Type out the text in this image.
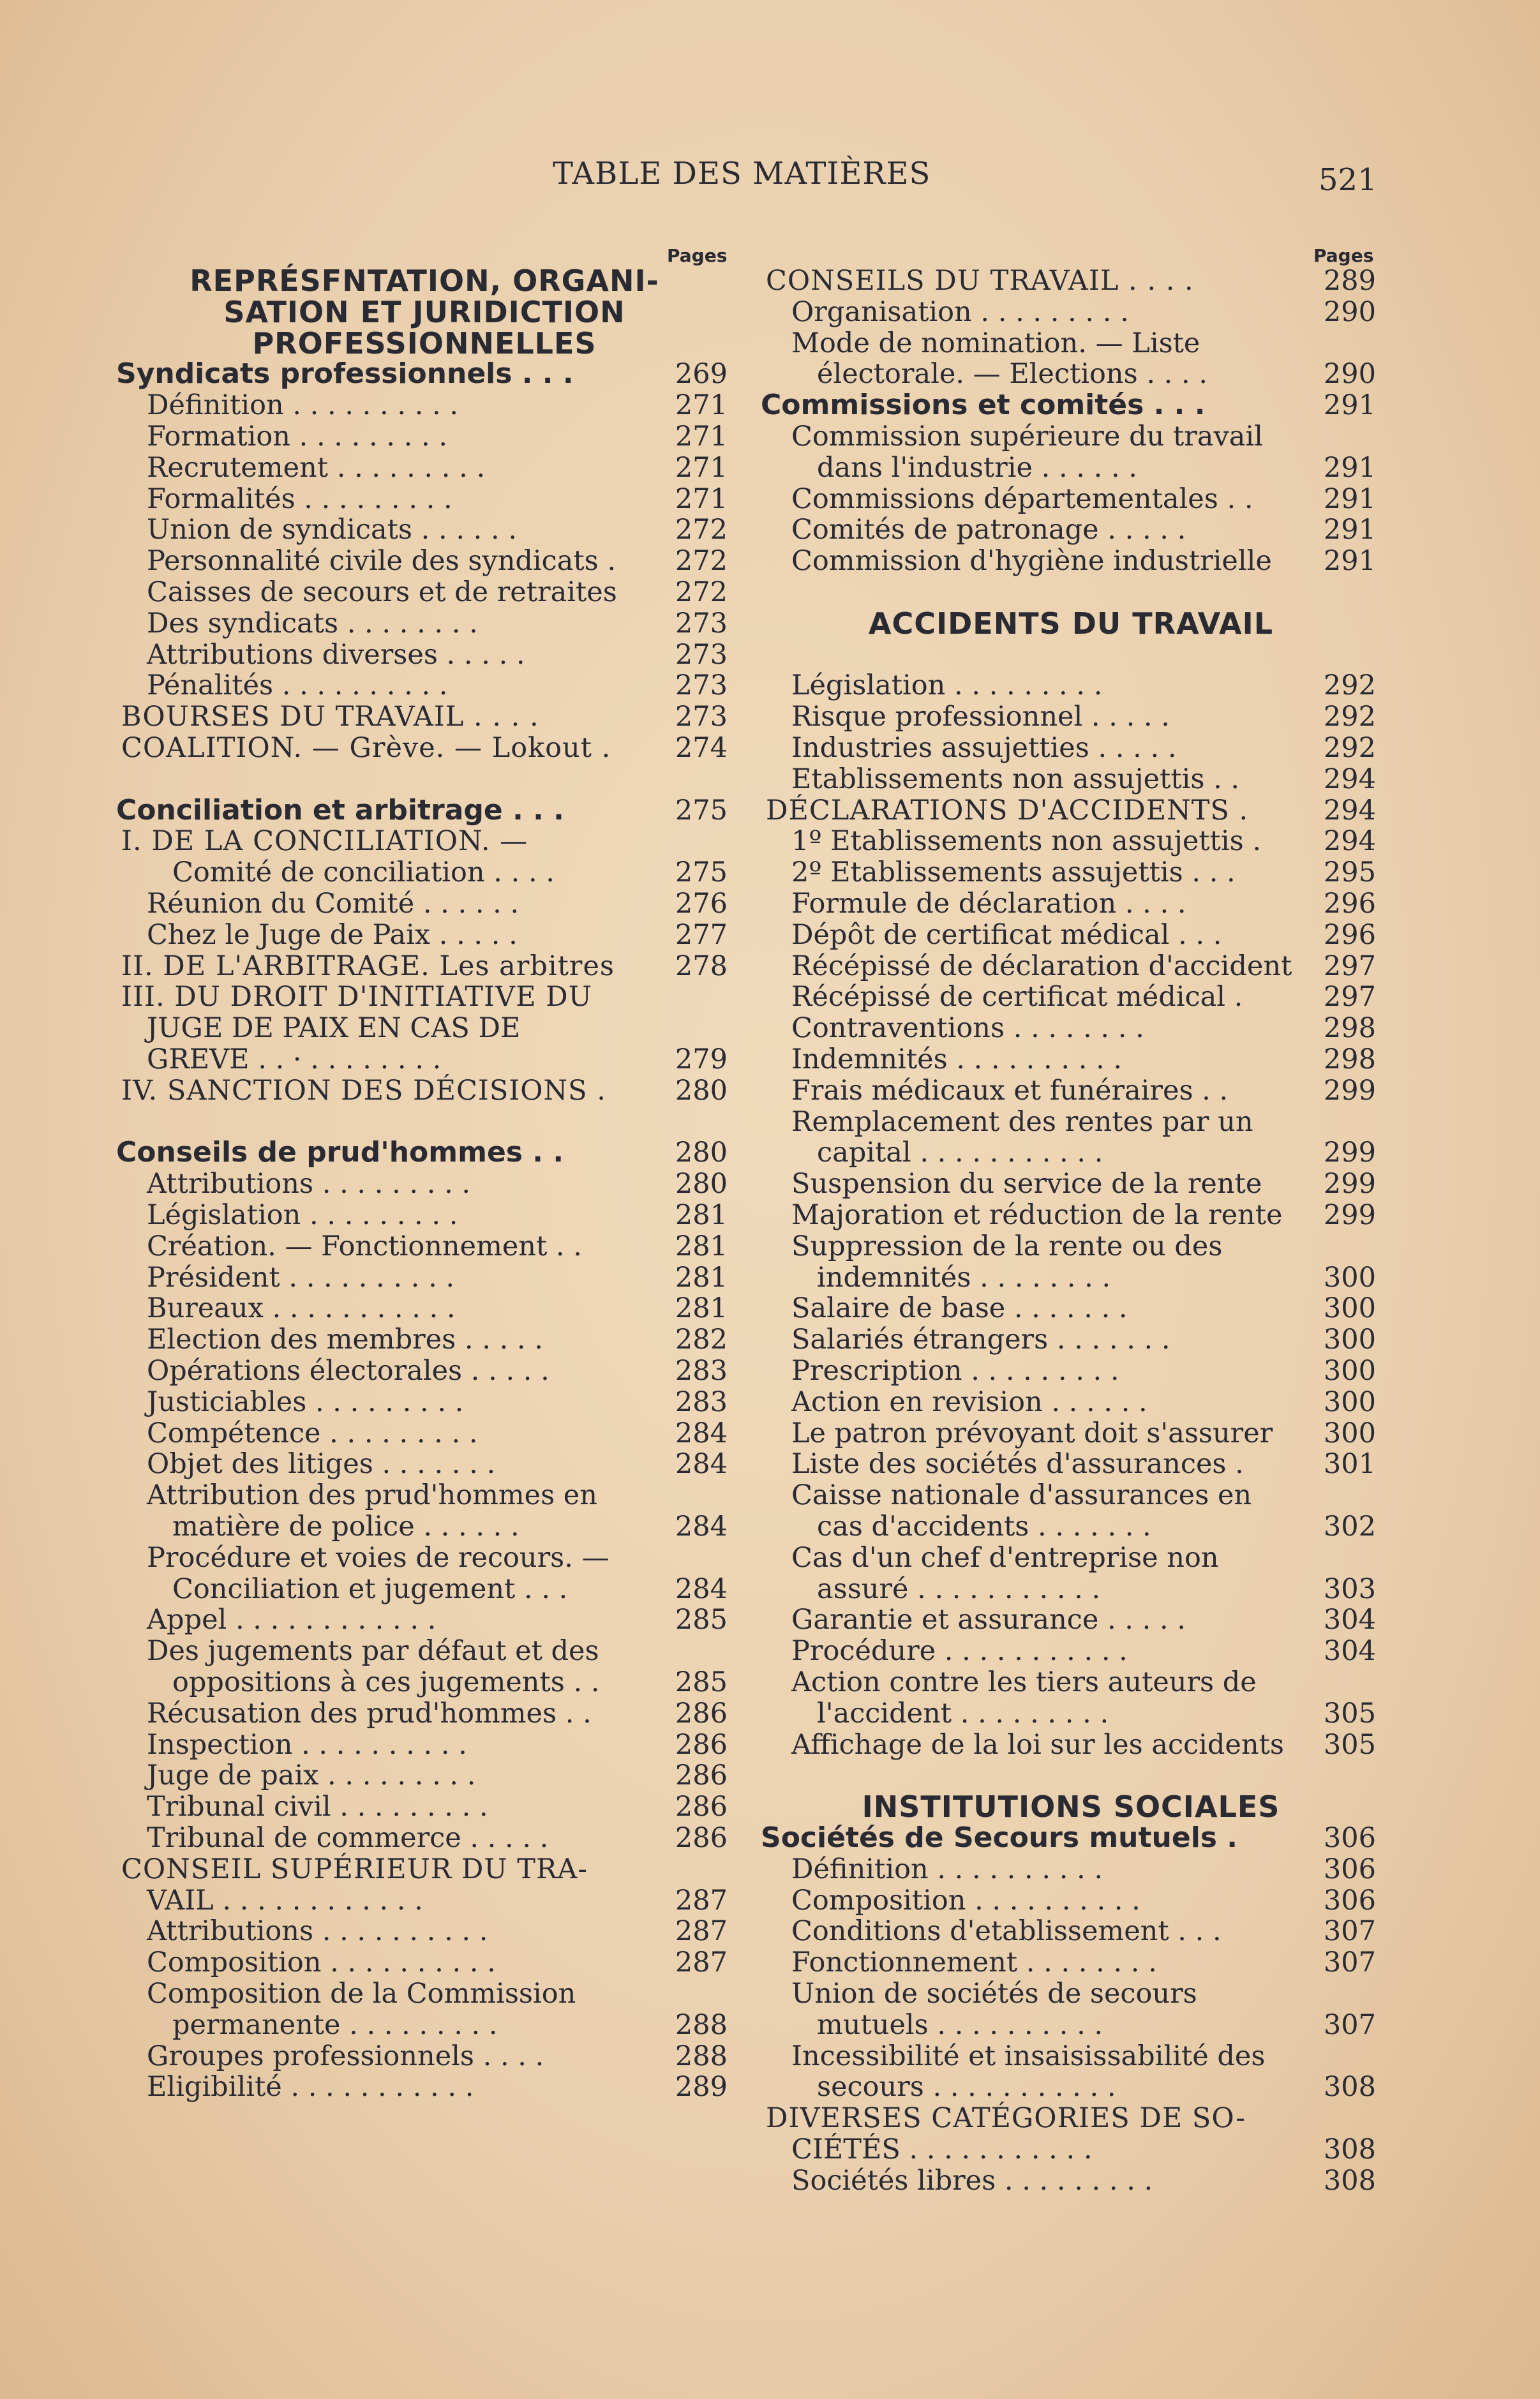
TABLE DES MATIÈRES	521
Pages	Pages
REPRÉSFNTATION, ORGANI-
SATION ET JURIDICTION
PROFESSIONNELLES
Syndicats professionnels . . .	269
Définition . . . . . . . . . .	271
Formation . . . . . . . . .	271
Recrutement . . . . . . . . .	271
Formalités . . . . . . . . .	271
Union de syndicats . . . . . .	272
Personnalité civile des syndicats . 272
Caisses de secours et de retraites 272
Des syndicats . . . . . . . .	273
Attributions diverses . . . . .	273
Pénalités . . . . . . . . . .	273
BOURSES DU TRAVAIL . . . .	273
COALITION. — Grève. — Lokout . 274
Conciliation et arbitrage . . .	275
I. DE LA CONCILIATION. —
Comité de conciliation . . . .	275
Réunion du Comité . . . . . .	276
Chez le Juge de Paix . . . . .	277
II. DE L'ARBITRAGE. Les arbitres 278
III. DU DROIT D'INITIATIVE DU
JUGE DE PAIX EN CAS DE
GREVE . . · . . . . . . . .	279
IV. SANCTION DES DÉCISIONS .	280
Conseils de prud'hommes . .	280
Attributions . . . . . . . . .	280
Législation . . . . . . . . .	281
Création. — Fonctionnement . .	281
Président . . . . . . . . . .	281
Bureaux . . . . . . . . . . .	281
Election des membres . . . . .	282
Opérations électorales . . . . .	283
Justiciables . . . . . . . . .	283
Compétence . . . . . . . . .	284
Objet des litiges . . . . . . .	284
Attribution des prud'hommes en
matière de police . . . . . .	284
Procédure et voies de recours. —
Conciliation et jugement . . .	284
Appel . . . . . . . . . . . .	285
Des jugements par défaut et des
oppositions à ces jugements . .	285
Récusation des prud'hommes . .	286
Inspection . . . . . . . . . .	286
Juge de paix . . . . . . . . .	286
Tribunal civil . . . . . . . . .	286
Tribunal de commerce . . . . .	286
CONSEIL SUPÉRIEUR DU TRA-
VAIL . . . . . . . . . . . .	287
Attributions . . . . . . . . . .	287
Composition . . . . . . . . . .	287
Composition de la Commission
permanente . . . . . . . . .	288
Groupes professionnels . . . .	288
Eligibilité . . . . . . . . . . .	289
CONSEILS DU TRAVAIL . . . .	289
Organisation . . . . . . . . .	290
Mode de nomination. — Liste
électorale. — Elections . . . .	290
Commissions et comités . . .	291
Commission supérieure du travail
dans l'industrie . . . . . .	291
Commissions départementales . .	291
Comités de patronage . . . . .	291
Commission d'hygiène industrielle 291
ACCIDENTS DU TRAVAIL
Législation . . . . . . . . .	292
Risque professionnel . . . . .	292
Industries assujetties . . . . .	292
Etablissements non assujettis . .	294
DÉCLARATIONS D'ACCIDENTS .	294
1º Etablissements non assujettis . 294
2º Etablissements assujettis . . .	295
Formule de déclaration . . . .	296
Dépôt de certificat médical . . .	296
Récépissé de déclaration d'accident 297
Récépissé de certificat médical .	297
Contraventions . . . . . . . .	298
Indemnités . . . . . . . . . .	298
Frais médicaux et funéraires . .	299
Remplacement des rentes par un
capital . . . . . . . . . . .	299
Suspension du service de la rente 299
Majoration et réduction de la rente 299
Suppression de la rente ou des
indemnités . . . . . . . .	300
Salaire de base . . . . . . .	300
Salariés étrangers . . . . . . .	300
Prescription . . . . . . . . .	300
Action en revision . . . . . .	300
Le patron prévoyant doit s'assurer 300
Liste des sociétés d'assurances .	301
Caisse nationale d'assurances en
cas d'accidents . . . . . . .	302
Cas d'un chef d'entreprise non
assuré . . . . . . . . . . .	303
Garantie et assurance . . . . .	304
Procédure . . . . . . . . . . .	304
Action contre les tiers auteurs de
l'accident . . . . . . . . .	305
Affichage de la loi sur les accidents 305
INSTITUTIONS SOCIALES
Sociétés de Secours mutuels .	306
Définition . . . . . . . . . .	306
Composition . . . . . . . . . .	306
Conditions d'etablissement . . .	307
Fonctionnement . . . . . . . .	307
Union de sociétés de secours
mutuels . . . . . . . . . .	307
Incessibilité et insaisissabilité des
secours . . . . . . . . . . .	308
DIVERSES CATÉGORIES DE SO-
CIÉTÉS . . . . . . . . . . .	308
Sociétés libres . . . . . . . . .	308
